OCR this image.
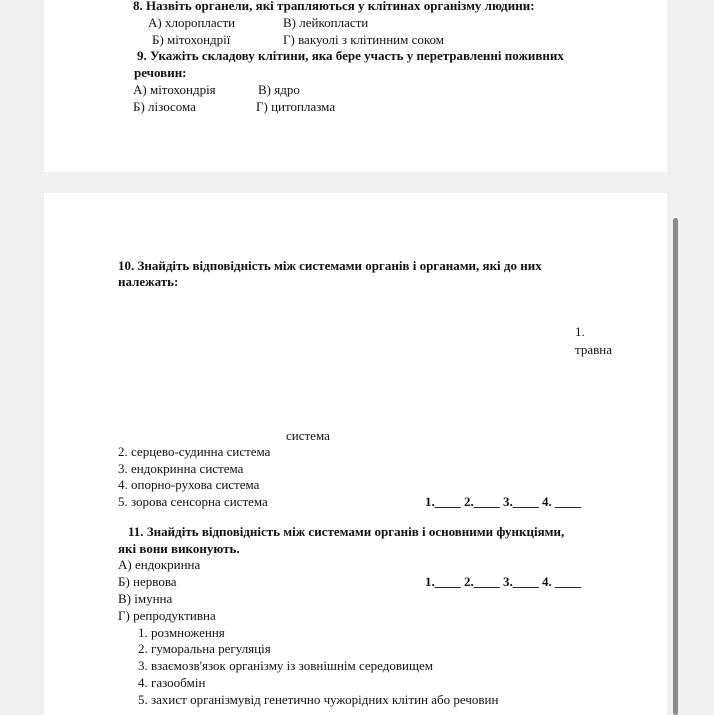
8. Назвіть органели, які трапляються у клітинах організму людини:
А) хлоропласти	В) лейкопласти
Б) мітохондрії	Г) вакуолі з клітинним соком
9. Укажіть складову клітини, яка бере участь у перетравленні поживних
речовин:
А) мітохондрія	В) ядро
Б) лізосома	Г) цитоплазма
10. Знайдіть відповідність між системами органів і органами, які до них
належать:
1.
травна
система
2. серцево-судинна система
3. ендокринна система
4. опорно-рухова система
5. зорова сенсорна система	1.____ 2.____ 3.____ 4. ____
11. Знайдіть відповідність між системами органів і основними функціями,
які вони виконують.
А) ендокринна
Б) нервова	1.____ 2.____ 3.____ 4. ____
В) імунна
Г) репродуктивна
1. розмноження
2. гуморальна регуляція
3. взаємозв'язок організму із зовнішнім середовищем
4. газообмін
5. захист організмувід генетично чужорідних клітин або речовин
